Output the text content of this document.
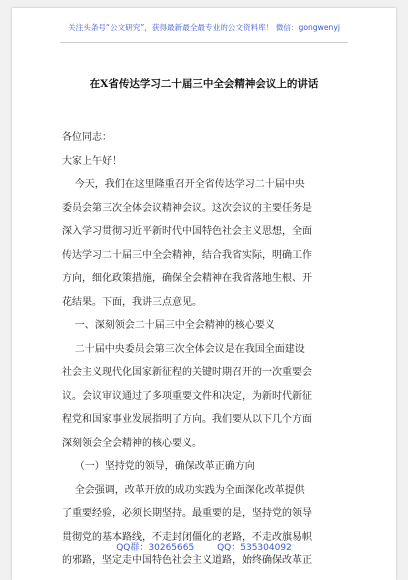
关注头条号“公文研究”，获得最新最全最专业的公文资料库！ 微信：gongwenyj
在X省传达学习二十届三中全会精神会议上的讲话
各位同志：
大家上午好！
今天，我们在这里隆重召开全省传达学习二十届中央
委员会第三次全体会议精神会议。这次会议的主要任务是
深入学习贯彻习近平新时代中国特色社会主义思想，全面
传达学习二十届三中全会精神，结合我省实际，明确工作
方向，细化政策措施，确保全会精神在我省落地生根、开
花结果。下面，我讲三点意见。
一、深刻领会二十届三中全会精神的核心要义
二十届中央委员会第三次全体会议是在我国全面建设
社会主义现代化国家新征程的关键时期召开的一次重要会
议。会议审议通过了多项重要文件和决定，为新时代新征
程党和国家事业发展指明了方向。我们要从以下几个方面
深刻领会全会精神的核心要义。
（一）坚持党的领导，确保改革正确方向
全会强调，改革开放的成功实践为全面深化改革提供
了重要经验，必须长期坚持。最重要的是，坚持党的领导
贯彻党的基本路线，不走封闭僵化的老路，不走改旗易帜
的邪路，坚定走中国特色社会主义道路，始终确保改革正
QQ群：30265665	QQ：535304092
